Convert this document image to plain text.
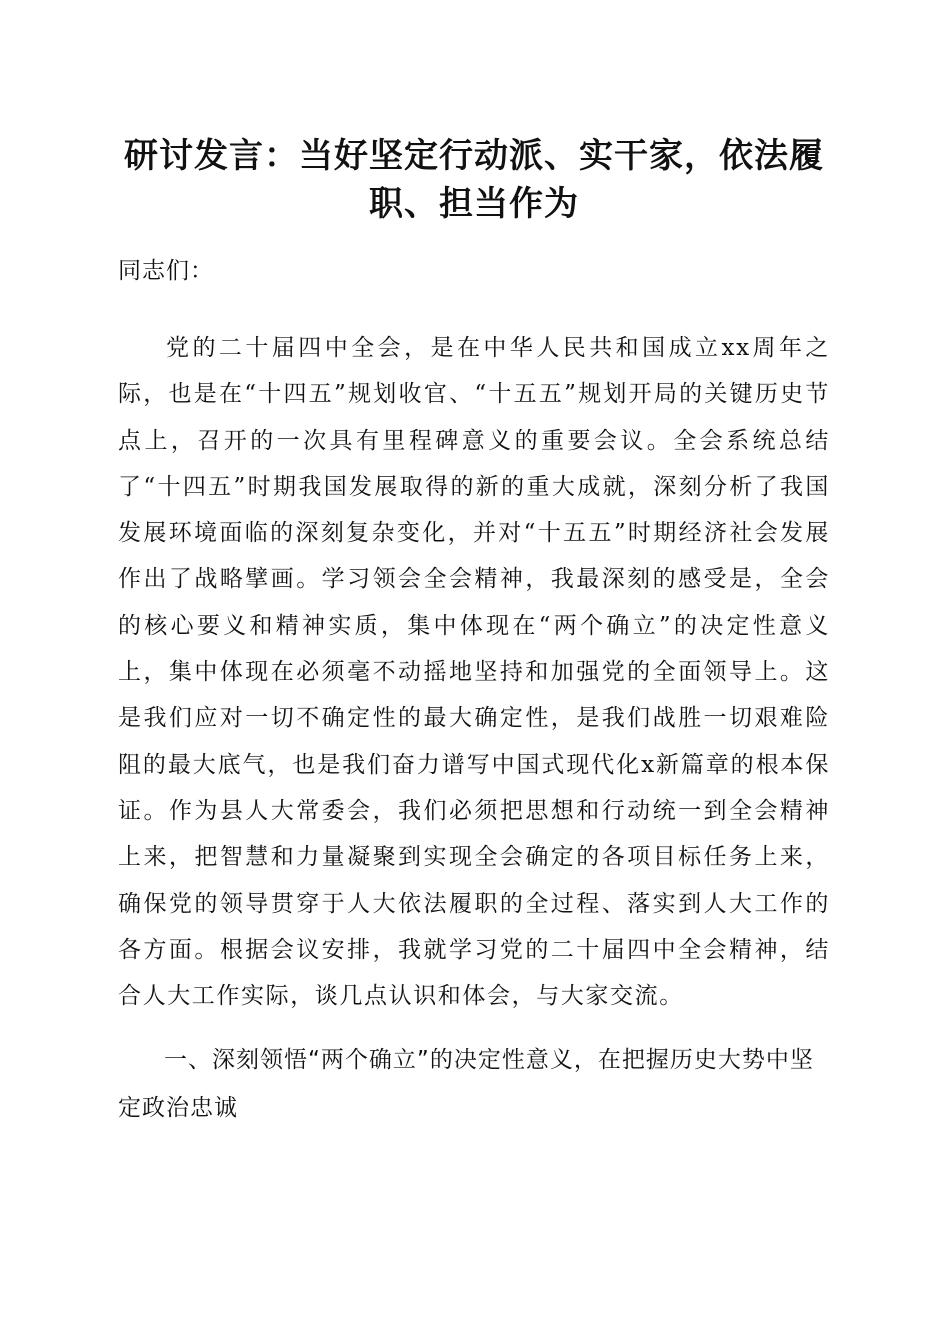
研讨发言：当好坚定行动派、实干家，依法履职、担当作为

同志们：

党的二十届四中全会，是在中华人民共和国成立xx周年之际，也是在“十四五”规划收官、“十五五”规划开局的关键历史节点上，召开的一次具有里程碑意义的重要会议。全会系统总结了“十四五”时期我国发展取得的新的重大成就，深刻分析了我国发展环境面临的深刻复杂变化，并对“十五五”时期经济社会发展作出了战略擘画。学习领会全会精神，我最深刻的感受是，全会的核心要义和精神实质，集中体现在“两个确立”的决定性意义上，集中体现在必须毫不动摇地坚持和加强党的全面领导上。这是我们应对一切不确定性的最大确定性，是我们战胜一切艰难险阻的最大底气，也是我们奋力谱写中国式现代化x新篇章的根本保证。作为县人大常委会，我们必须把思想和行动统一到全会精神上来，把智慧和力量凝聚到实现全会确定的各项目标任务上来，确保党的领导贯穿于人大依法履职的全过程、落实到人大工作的各方面。根据会议安排，我就学习党的二十届四中全会精神，结合人大工作实际，谈几点认识和体会，与大家交流。

一、深刻领悟“两个确立”的决定性意义，在把握历史大势中坚定政治忠诚
